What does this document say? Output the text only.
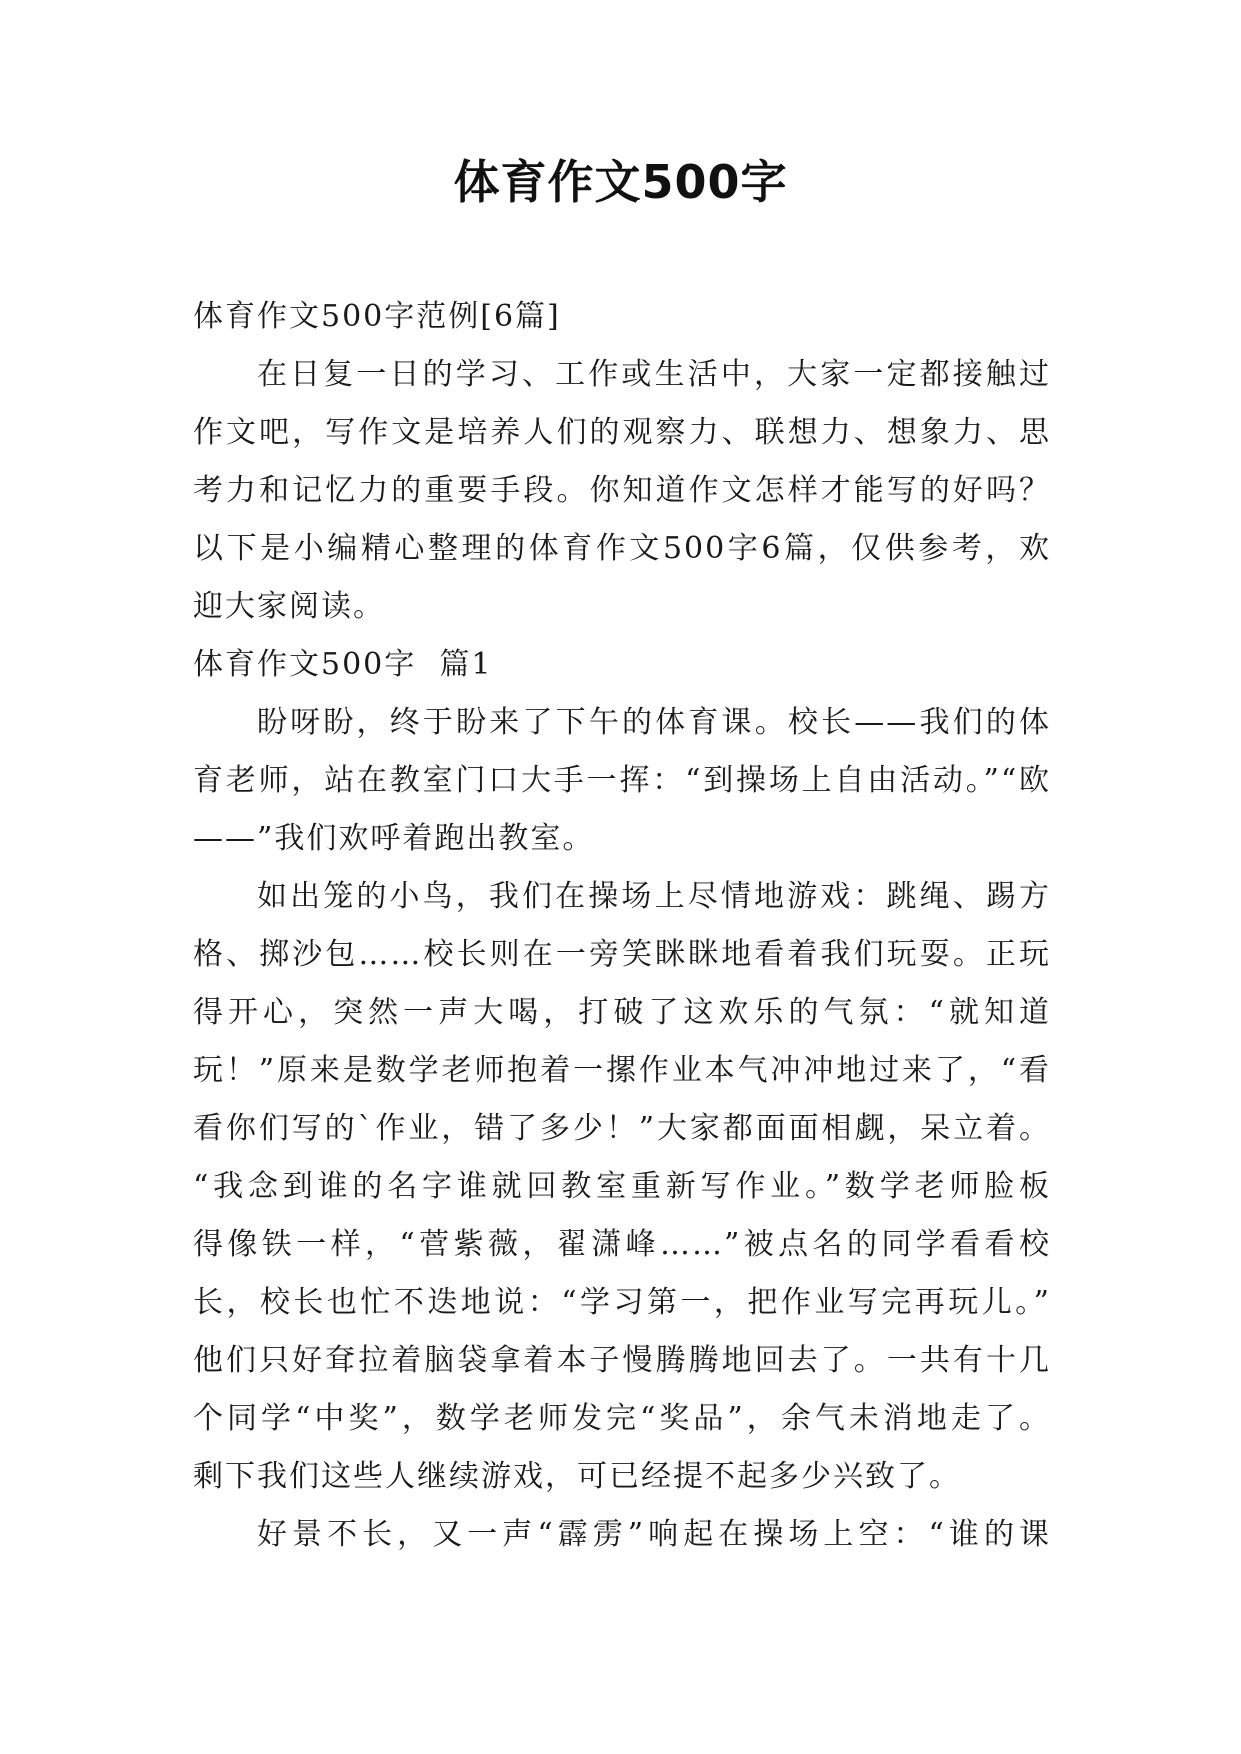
体育作文500字
体育作文500字范例[6篇]
在日复一日的学习、工作或生活中，大家一定都接触过
作文吧，写作文是培养人们的观察力、联想力、想象力、思
考力和记忆力的重要手段。你知道作文怎样才能写的好吗？
以下是小编精心整理的体育作文500字6篇，仅供参考，欢
迎大家阅读。
体育作文500字  篇1
盼呀盼，终于盼来了下午的体育课。校长——我们的体
育老师，站在教室门口大手一挥：“到操场上自由活动。”“欧
——”我们欢呼着跑出教室。
如出笼的小鸟，我们在操场上尽情地游戏：跳绳、踢方
格、掷沙包……校长则在一旁笑眯眯地看着我们玩耍。正玩
得开心，突然一声大喝，打破了这欢乐的气氛：“就知道
玩！”原来是数学老师抱着一摞作业本气冲冲地过来了，“看
看你们写的`作业，错了多少！”大家都面面相觑，呆立着。
“我念到谁的名字谁就回教室重新写作业。”数学老师脸板
得像铁一样，“菅紫薇，翟潇峰……”被点名的同学看看校
长，校长也忙不迭地说：“学习第一，把作业写完再玩儿。”
他们只好耷拉着脑袋拿着本子慢腾腾地回去了。一共有十几
个同学“中奖”，数学老师发完“奖品”，余气未消地走了。
剩下我们这些人继续游戏，可已经提不起多少兴致了。
好景不长，又一声“霹雳”响起在操场上空：“谁的课
